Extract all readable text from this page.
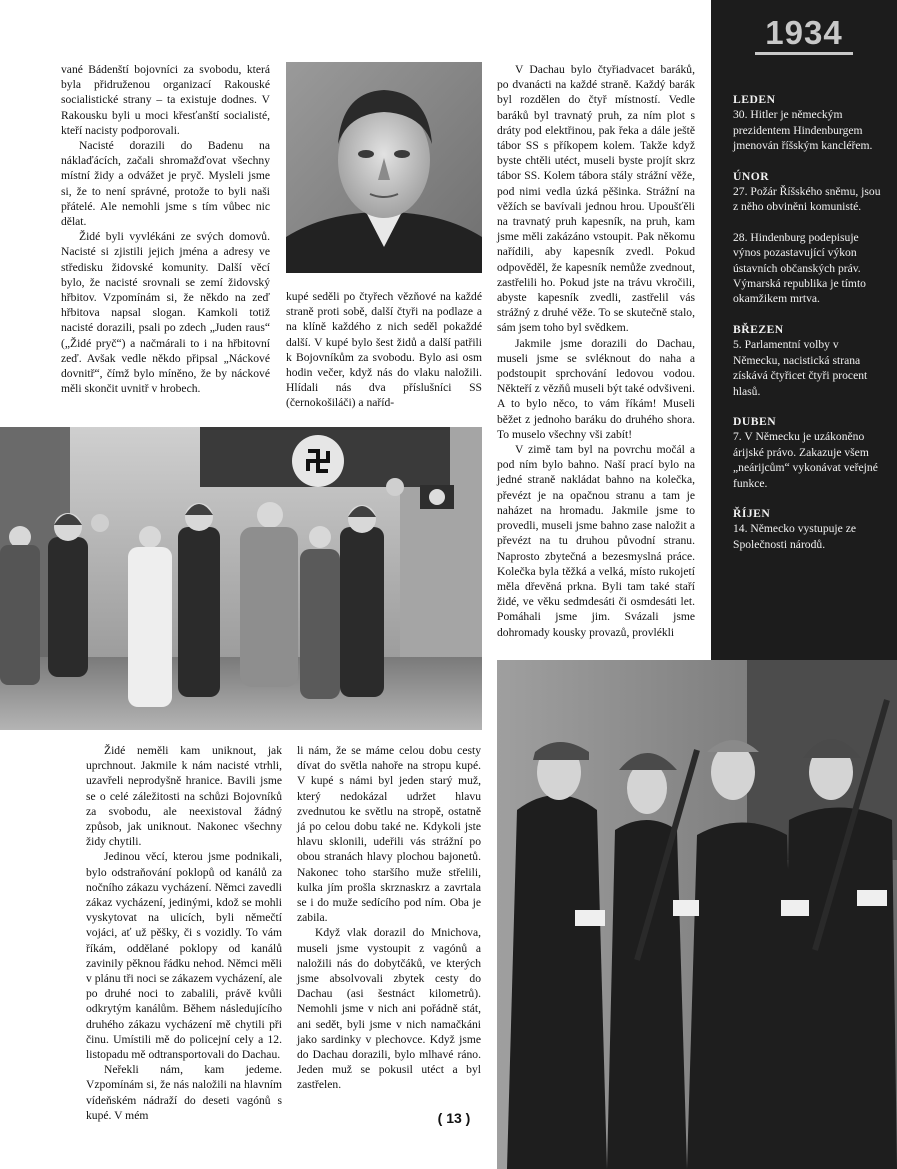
vané Bádenští bojovníci za svobodu, která byla přidruženou organizací Rakouské socialistické strany – ta existuje dodnes. V Rakousku byli u moci křesťanští socialisté, kteří nacisty podporovali.

Nacisté dorazili do Badenu na náklaďácích, začali shromažďovat všechny místní židy a odvážet je pryč. Mysleli jsme si, že to není správné, protože to byli naši přátelé. Ale nemohli jsme s tím vůbec nic dělat.

Židé byli vyvlékáni ze svých domovů. Nacisté si zjistili jejich jména a adresy ve středisku židovské komunity. Další věcí bylo, že nacisté srovnali se zemí židovský hřbitov. Vzpomínám si, že někdo na zeď hřbitova napsal slogan. Kamkoli totiž nacisté dorazili, psali po zdech „Juden raus“ („Židé pryč“) a načmárali to i na hřbitovní zeď. Avšak vedle někdo připsal „Náckové dovnitř“, čímž bylo míněno, že by náckové měli skončit uvnitř v hrobech.

kupé seděli po čtyřech vězňové na každé straně proti sobě, další čtyři na podlaze a na klíně každého z nich seděl pokaždé další. V kupé bylo šest židů a další patřili k Bojovníkům za svobodu. Bylo asi osm hodin večer, když nás do vlaku naložili. Hlídali nás dva příslušníci SS (černokošiláči) a naříd-

V Dachau bylo čtyřiadvacet baráků, po dvanácti na každé straně. Každý barák byl rozdělen do čtyř místností. Vedle baráků byl travnatý pruh, za ním plot s dráty pod elektřinou, pak řeka a dále ještě tábor SS s příkopem kolem. Takže když byste chtěli utéct, museli byste projít skrz tábor SS. Kolem tábora stály strážní věže, pod nimi vedla úzká pěšinka. Strážní na věžích se bavívali jednou hrou. Upoušťěli na travnatý pruh kapesník, na pruh, kam jsme měli zakázáno vstoupit. Pak někomu nařídili, aby kapesník zvedl. Pokud odpověděl, že kapesník nemůže zvednout, zastřelili ho. Pokud jste na trávu vkročili, abyste kapesník zvedli, zastřelil vás strážný z druhé věže. To se skutečně stalo, sám jsem toho byl svědkem.

Jakmile jsme dorazili do Dachau, museli jsme se svléknout do naha a podstoupit sprchování ledovou vodou. Někteří z vězňů museli být také odvšiveni. A to bylo něco, to vám říkám! Museli běžet z jednoho baráku do druhého shora. To muselo všechny vši zabít!

V zimě tam byl na povrchu močál a pod ním bylo bahno. Naší prací bylo na jedné straně nakládat bahno na kolečka, převézt je na opačnou stranu a tam je naházet na hromadu. Jakmile jsme to provedli, museli jsme bahno zase naložit a převézt na tu druhou původní stranu. Naprosto zbytečná a bezesmyslná práce. Kolečka byla těžká a velká, místo rukojetí měla dřevěná prkna. Byli tam také staří židé, ve věku sedmdesáti či osmdesáti let. Pomáhali jsme jim. Svázali jsme dohromady kousky provazů, provlékli

Židé neměli kam uniknout, jak uprchnout. Jakmile k nám nacisté vtrhli, uzavřeli neprodyšně hranice. Bavili jsme se o celé záležitosti na schůzi Bojovníků za svobodu, ale neexistoval žádný způsob, jak uniknout. Nakonec všechny židy chytili.

Jedinou věcí, kterou jsme podnikali, bylo odstraňování poklopů od kanálů za nočního zákazu vycházení. Němci zavedli zákaz vycházení, jedinými, kdož se mohli vyskytovat na ulicích, byli němečtí vojáci, ať už pěšky, či s vozidly. To vám říkám, oddělané poklopy od kanálů zavinily pěknou řádku nehod. Němci měli v plánu tři noci se zákazem vycházení, ale po druhé noci to zabalili, právě kvůli odkrytým kanálům. Během následujícího druhého zákazu vycházení mě chytili při činu. Umístili mě do policejní cely a 12. listopadu mě odtransportovali do Dachau.

Neřekli nám, kam jedeme. Vzpomínám si, že nás naložili na hlavním vídeňském nádraží do deseti vagónů s kupé. V mém

li nám, že se máme celou dobu cesty dívat do světla nahoře na stropu kupé. V kupé s námi byl jeden starý muž, který nedokázal udržet hlavu zvednutou ke světlu na stropě, ostatně já po celou dobu také ne. Kdykoli jste hlavu sklonili, udeřili vás strážní po obou stranách hlavy plochou bajonetů. Nakonec toho staršího muže střelili, kulka jím prošla skrznaskrz a zavrtala se i do muže sedícího pod ním. Oba je zabila.

Když vlak dorazil do Mnichova, museli jsme vystoupit z vagónů a naložili nás do dobytčáků, ve kterých jsme absolvovali zbytek cesty do Dachau (asi šestnáct kilometrů). Nemohli jsme v nich ani pořádně stát, ani sedět, byli jsme v nich namačkáni jako sardinky v plechovce. Když jsme do Dachau dorazili, bylo mlhavé ráno. Jeden muž se pokusil utéct a byl zastřelen.

1934
LEDEN

30. Hitler je německým prezidentem Hindenburgem jmenován říšským kancléřem.

ÚNOR

27. Požár Říšského sněmu, jsou z něho obviněni komunisté.

28. Hindenburg podepisuje výnos pozastavující výkon ústavních občanských práv. Výmarská republika je tímto okamžikem mrtva.

BŘEZEN

5. Parlamentní volby v Německu, nacistická strana získává čtyřicet čtyři procent hlasů.

DUBEN

7. V Německu je uzákoněno árijské právo. Zakazuje všem „neárijcům“ vykonávat veřejné funkce.

ŘÍJEN

14. Německo vystupuje ze Společnosti národů.

( 13 )
